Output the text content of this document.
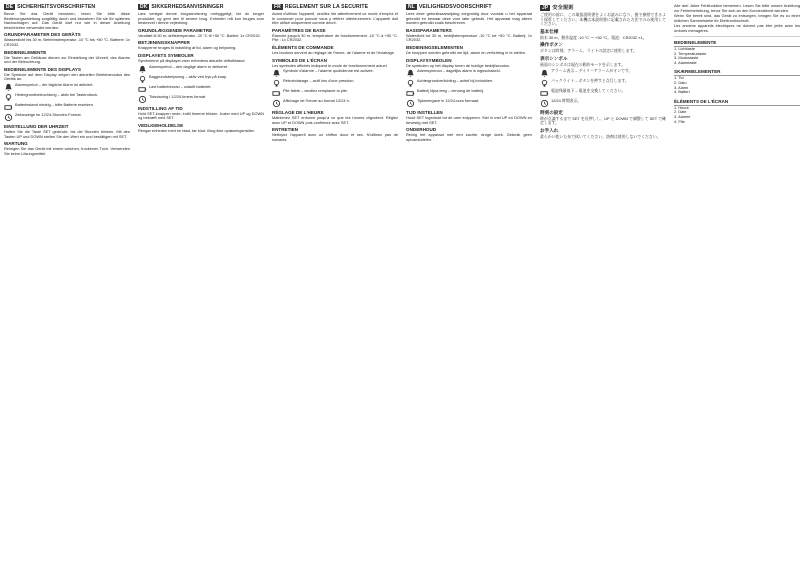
DE SICHERHEITSVORSCHRIFTEN

Bevor Sie das Gerät benutzen, lesen Sie bitte diese Bedienungsanleitung sorgfältig durch und bewahren Sie sie für späteres Nachschlagen auf. Das Gerät darf nur wie in dieser Anleitung beschrieben verwendet werden.

GRUNDPARAMETER DES GERÄTS

Wasserdicht bis 30 m, Betriebstemperatur -10 °C bis +50 °C. Batterie: 1x CR2032.

BEDIENELEMENTE

Die Tasten am Gehäuse dienen zur Einstellung der Uhrzeit, des Alarms und der Beleuchtung.

BEDIENELEMENTE DES DISPLAYS

Die Symbole auf dem Display zeigen den aktuellen Betriebsmodus des Geräts an.

Alarmsymbol – der tägliche Alarm ist aktiviert.

Hintergrundbeleuchtung – aktiv bei Tastendruck.

Batteriestand niedrig – bitte Batterie ersetzen.

Zeitanzeige im 12/24-Stunden-Format.

EINSTELLUNG DER UHRZEIT

Halten Sie die Taste SET gedrückt, bis die Stunden blinken. Mit den Tasten UP und DOWN stellen Sie den Wert ein und bestätigen mit SET.

WARTUNG

Reinigen Sie das Gerät mit einem weichen, trockenen Tuch. Verwenden Sie keine Lösungsmittel.

DK SIKKERHEDSANVISNINGER

Læs venligst denne brugsanvisning omhyggeligt, før du bruger produktet, og gem den til senere brug. Enheden må kun bruges som beskrevet i denne vejledning.

GRUNDLÆGGENDE PARAMETRE

Vandtæt til 30 m, driftstemperatur -10 °C til +50 °C. Batteri: 1x CR2032.

BETJENINGSKNAPPER

Knapperne bruges til indstilling af tid, alarm og belysning.

DISPLAYETS SYMBOLER

Symbolerne på displayet viser enhedens aktuelle driftstilstand.

Alarmsymbol – den daglige alarm er aktiveret.

Baggrundsbelysning – aktiv ved tryk på knap.

Lavt batteriniveau – udskift batteriet.

Tidsvisning i 12/24-timers format.

INDSTILLING AF TID

Hold SET-knappen nede, indtil timerne blinker. Juster med UP og DOWN og bekræft med SET.

VEDLIGEHOLDELSE

Rengør enheden med en blød, tør klud. Brug ikke opløsningsmidler.

FR RÈGLEMENT SUR LA SÉCURITÉ

Avant d'utiliser l'appareil, veuillez lire attentivement ce mode d'emploi et le conserver pour pouvoir vous y référer ultérieurement. L'appareil doit être utilisé uniquement comme décrit.

PARAMÈTRES DE BASE

Étanche jusqu'à 30 m, température de fonctionnement -10 °C à +50 °C. Pile : 1x CR2032.

ÉLÉMENTS DE COMMANDE

Les boutons servent au réglage de l'heure, de l'alarme et de l'éclairage.

SYMBOLES DE L'ÉCRAN

Les symboles affichés indiquent le mode de fonctionnement actuel.

Symbole d'alarme – l'alarme quotidienne est activée.

Rétroéclairage – actif lors d'une pression.

Pile faible – veuillez remplacer la pile.

Affichage de l'heure au format 12/24 h.

RÉGLAGE DE L'HEURE

Maintenez SET enfoncé jusqu'à ce que les heures clignotent. Réglez avec UP et DOWN puis confirmez avec SET.

ENTRETIEN

Nettoyez l'appareil avec un chiffon doux et sec. N'utilisez pas de solvants.

NL VEILIGHEIDSVOORSCHRIFT

Lees deze gebruiksaanwijzing zorgvuldig door voordat u het apparaat gebruikt en bewaar deze voor later gebruik. Het apparaat mag alleen worden gebruikt zoals beschreven.

BASISPARAMETERS

Waterdicht tot 30 m, bedrijfstemperatuur -10 °C tot +50 °C. Batterij: 1x CR2032.

BEDIENINGSELEMENTEN

De knoppen worden gebruikt om tijd, alarm en verlichting in te stellen.

DISPLAYSYMBOLEN

De symbolen op het display tonen de huidige bedrijfsmodus.

Alarmsymbool – dagelijks alarm is ingeschakeld.

Achtergrondverlichting – actief bij indrukken.

Batterij bijna leeg – vervang de batterij.

Tijdweergave in 12/24-uurs formaat.

TIJD INSTELLEN

Houd SET ingedrukt tot de uren knipperen. Stel in met UP en DOWN en bevestig met SET.

ONDERHOUD

Reinig het apparaat met een zachte, droge doek. Gebruik geen oplosmiddelen.

JP 安全規則

ご使用の前に、この取扱説明書をよくお読みになり、後で参照できるよう保管してください。本機は本説明書に記載された方法でのみ使用してください。

基本仕様

防水 30 m、動作温度 -10 °C ～ +50 °C。電池：CR2032 ×1。

操作ボタン

ボタンは時刻、アラーム、ライトの設定に使用します。

表示シンボル

画面のシンボルは現在の動作モードを示します。

アラーム表示 – デイリーアラームがオンです。

バックライト – ボタンを押すと点灯します。

電池残量低下 – 電池を交換してください。

12/24 時間表示。

時刻の設定

時が点滅するまで SET を長押しし、UP と DOWN で調整して SET で確定します。

お手入れ

柔らかい乾いた布で拭いてください。溶剤は使用しないでください。

Alle drei Jahre Fehlfunktion bemerken. Lesen Sie bitte unsere Anleitung zur Fehlerbehebung, bevor Sie sich an den Kundendienst wenden.

Wenn Sie bereit sind, das Gerät zu entsorgen, bringen Sie es zu einer örtlichen Sammelstelle für Elektronikschrott.

Les anciens appareils électriques ne doivent pas être jetés avec les ordures ménagères.

BEDIENELEMENTE
1. Lichttaste
2. Temperaturtaste
3. Modustaste
4. Alarmtaste
SKÆRMELEMENTER
1. Tid
2. Dato
3. Alarm
4. Batteri
ÉLÉMENTS DE L'ÉCRAN
1. Heure
2. Date
3. Alarme
4. Pile
